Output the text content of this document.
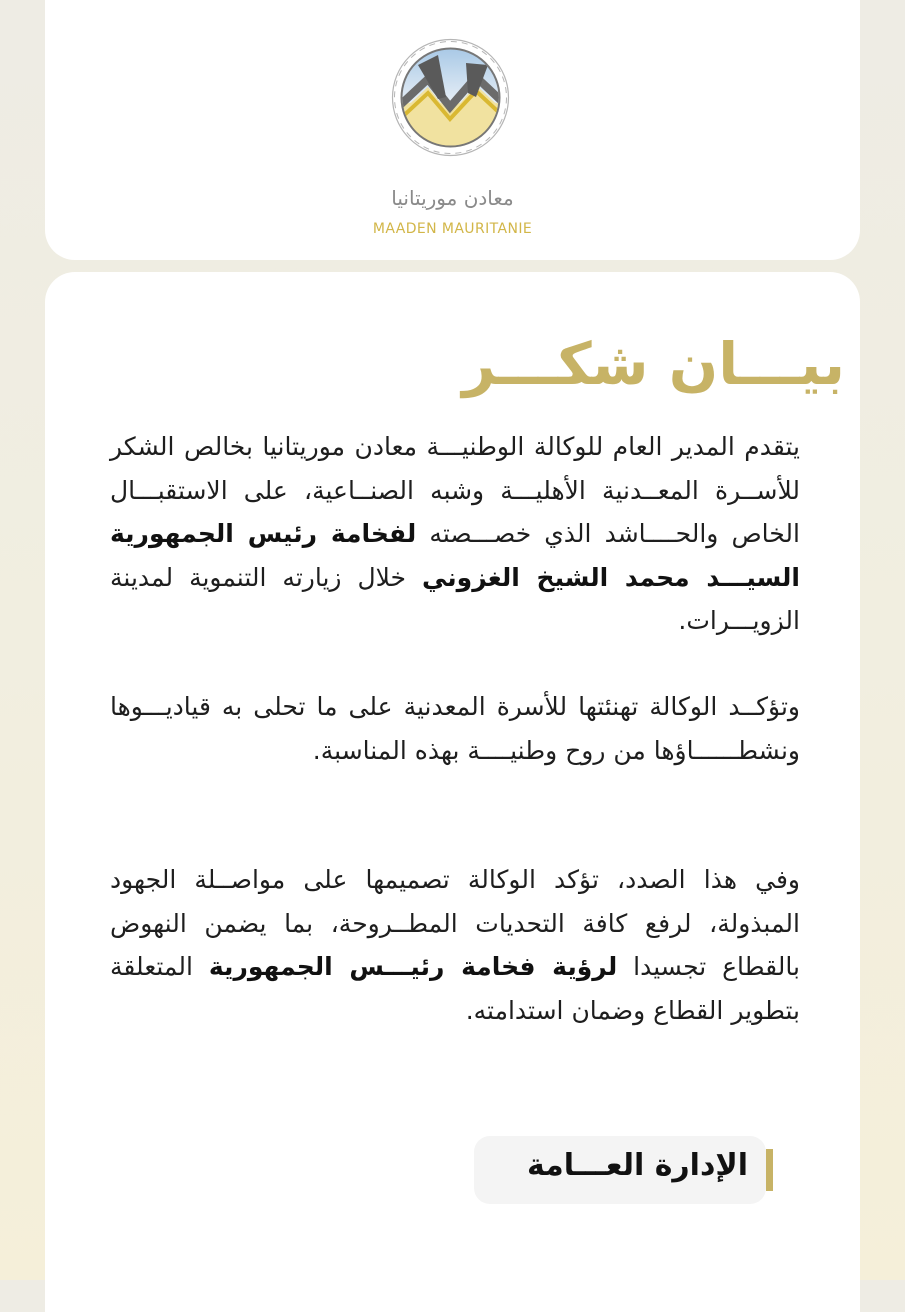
معادن موريتانيا
MAADEN MAURITANIE
بيـــان شكـــر

يتقدم المدير العام للوكالة الوطنيـــة معادن موريتانيا بخالص الشكر للأســرة المعــدنية الأهليـــة وشبه الصنــاعية، على الاستقبـــال الخاص والحــــاشد الذي خصـــصته لفخامة رئيس الجمهورية السيـــد محمد الشيخ الغزوني خلال زيارته التنموية لمدينة الزويـــرات.

وتؤكــد الوكالة تهنئتها للأسرة المعدنية على ما تحلى به قياديـــوها ونشطــــــاؤها من روح وطنيــــة بهذه المناسبة.

وفي هذا الصدد، تؤكد الوكالة تصميمها على مواصــلة الجهود المبذولة، لرفع كافة التحديات المطــروحة، بما يضمن النهوض بالقطاع تجسيدا لرؤية فخامة رئيـــس الجمهورية المتعلقة بتطوير القطاع وضمان استدامته.

الإدارة العـــامة
